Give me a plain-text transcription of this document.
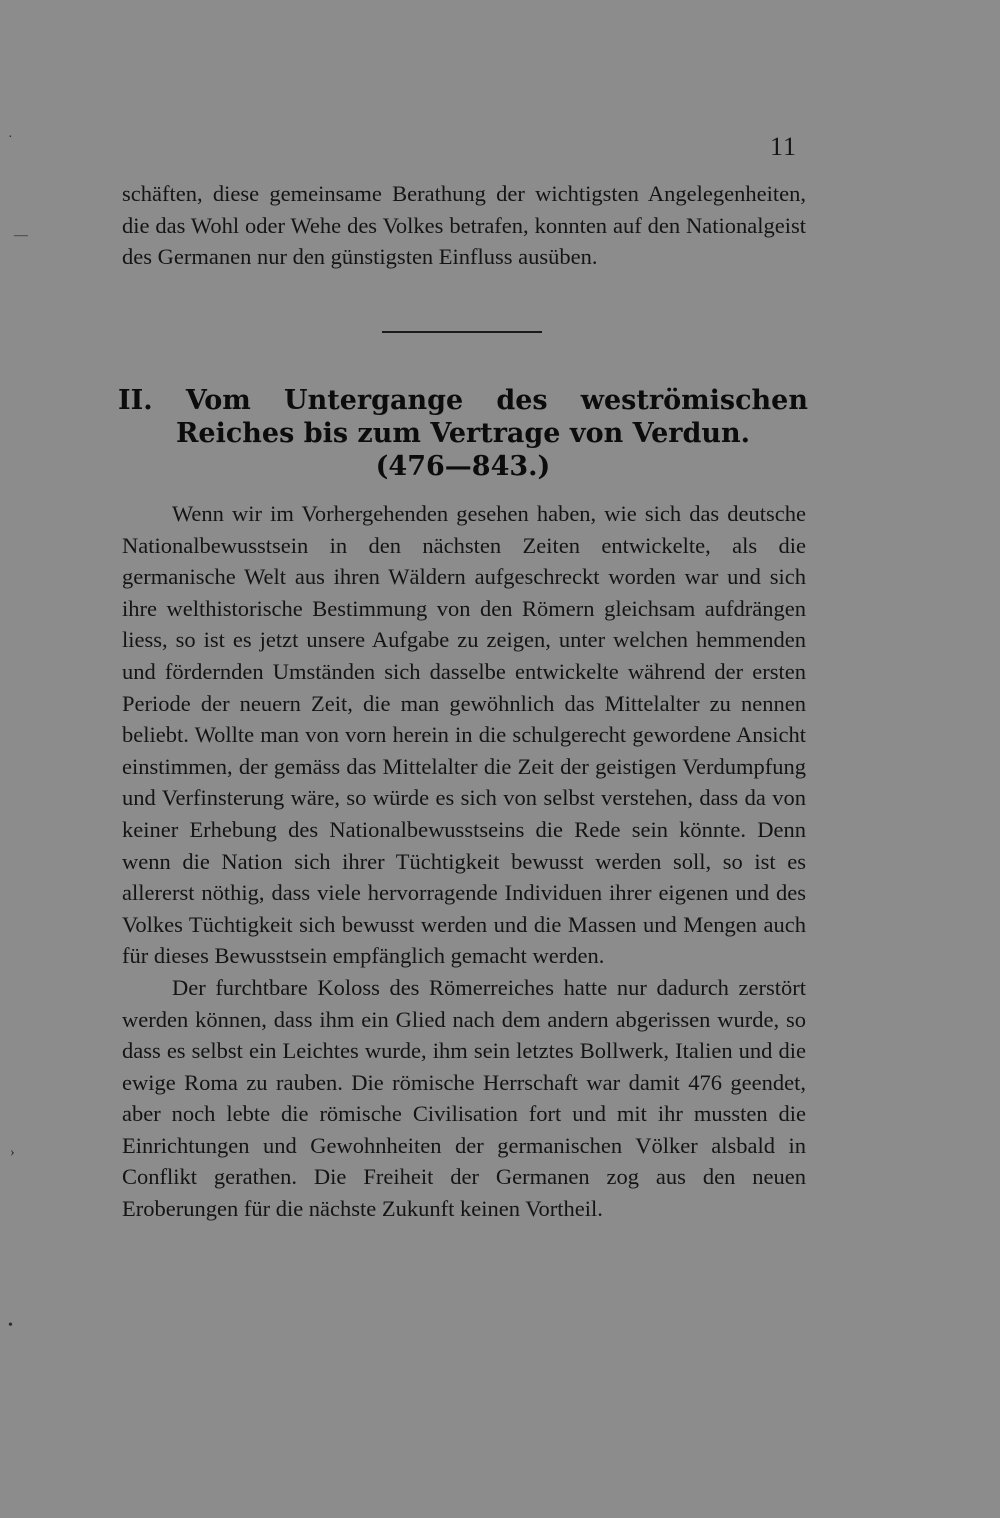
11

schäften, diese gemeinsame Berathung der wichtigsten Angelegenheiten, die das Wohl oder Wehe des Volkes betrafen, konnten auf den Nationalgeist des Germanen nur den günstigsten Einfluss ausüben.

II. Vom Untergange des weströmischen
Reiches bis zum Vertrage von Verdun.
(476—843.)

Wenn wir im Vorhergehenden gesehen haben, wie sich das deutsche Nationalbewusstsein in den nächsten Zeiten entwickelte, als die germanische Welt aus ihren Wäldern aufgeschreckt worden war und sich ihre welthistorische Bestimmung von den Römern gleichsam aufdrängen liess, so ist es jetzt unsere Aufgabe zu zeigen, unter welchen hemmenden und fördernden Umständen sich dasselbe entwickelte während der ersten Periode der neuern Zeit, die man gewöhnlich das Mittelalter zu nennen beliebt. Wollte man von vorn herein in die schulgerecht gewordene Ansicht einstimmen, der gemäss das Mittelalter die Zeit der geistigen Verdumpfung und Verfinsterung wäre, so würde es sich von selbst verstehen, dass da von keiner Erhebung des Nationalbewusstseins die Rede sein könnte. Denn wenn die Nation sich ihrer Tüchtigkeit bewusst werden soll, so ist es allererst nöthig, dass viele hervorragende Individuen ihrer eigenen und des Volkes Tüchtigkeit sich bewusst werden und die Massen und Mengen auch für dieses Bewusstsein empfänglich gemacht werden.

Der furchtbare Koloss des Römerreiches hatte nur dadurch zerstört werden können, dass ihm ein Glied nach dem andern abgerissen wurde, so dass es selbst ein Leichtes wurde, ihm sein letztes Bollwerk, Italien und die ewige Roma zu rauben. Die römische Herrschaft war damit 476 geendet, aber noch lebte die römische Civilisation fort und mit ihr mussten die Einrichtungen und Gewohnheiten der germanischen Völker alsbald in Conflikt gerathen. Die Freiheit der Germanen zog aus den neuen Eroberungen für die nächste Zukunft keinen Vortheil.

·
—
›
•
